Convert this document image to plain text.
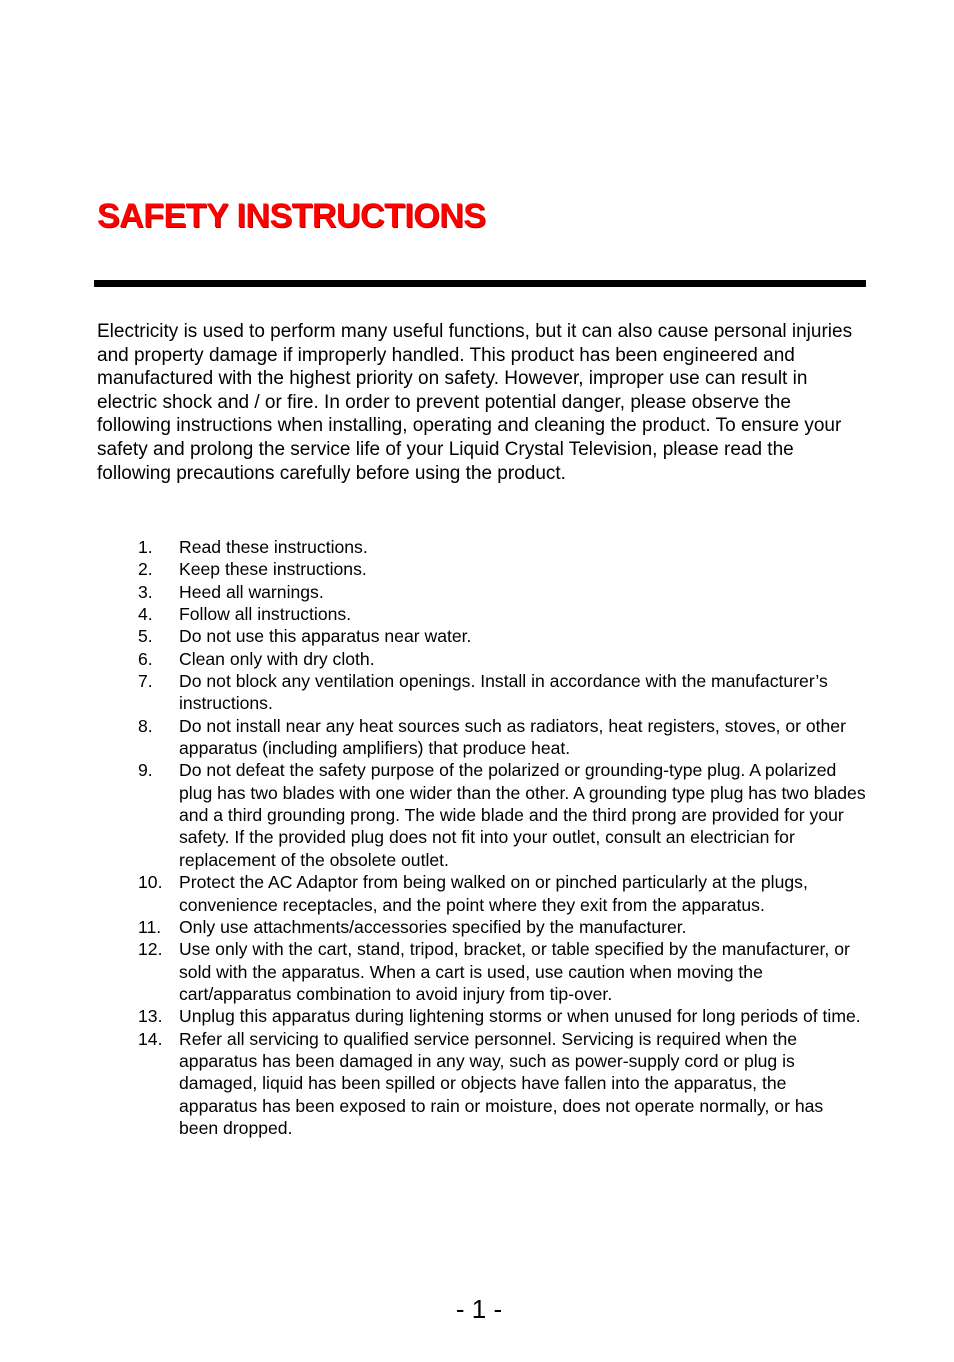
SAFETY INSTRUCTIONS

Electricity is used to perform many useful functions, but it can also cause personal injuries and property damage if improperly handled. This product has been engineered and manufactured with the highest priority on safety. However, improper use can result in electric shock and / or fire. In order to prevent potential danger, please observe the following instructions when installing, operating and cleaning the product. To ensure your safety and prolong the service life of your Liquid Crystal Television, please read the following precautions carefully before using the product.

1.	Read these instructions.
2.	Keep these instructions.
3.	Heed all warnings.
4.	Follow all instructions.
5.	Do not use this apparatus near water.
6.	Clean only with dry cloth.
7.	Do not block any ventilation openings. Install in accordance with the manufacturer’s instructions.
8.	Do not install near any heat sources such as radiators, heat registers, stoves, or other apparatus (including amplifiers) that produce heat.
9.	Do not defeat the safety purpose of the polarized or grounding-type plug. A polarized plug has two blades with one wider than the other. A grounding type plug has two blades and a third grounding prong. The wide blade and the third prong are provided for your safety. If the provided plug does not fit into your outlet, consult an electrician for replacement of the obsolete outlet.
10. Protect the AC Adaptor from being walked on or pinched particularly at the plugs, convenience receptacles, and the point where they exit from the apparatus.
11.	Only use attachments/accessories specified by the manufacturer.
12. Use only with the cart, stand, tripod, bracket, or table specified by the manufacturer, or sold with the apparatus. When a cart is used, use caution when moving the cart/apparatus combination to avoid injury from tip-over.
13. Unplug this apparatus during lightening storms or when unused for long periods of time.
14. Refer all servicing to qualified service personnel. Servicing is required when the apparatus has been damaged in any way, such as power-supply cord or plug is damaged, liquid has been spilled or objects have fallen into the apparatus, the apparatus has been exposed to rain or moisture, does not operate normally, or has been dropped.
- 1 -
